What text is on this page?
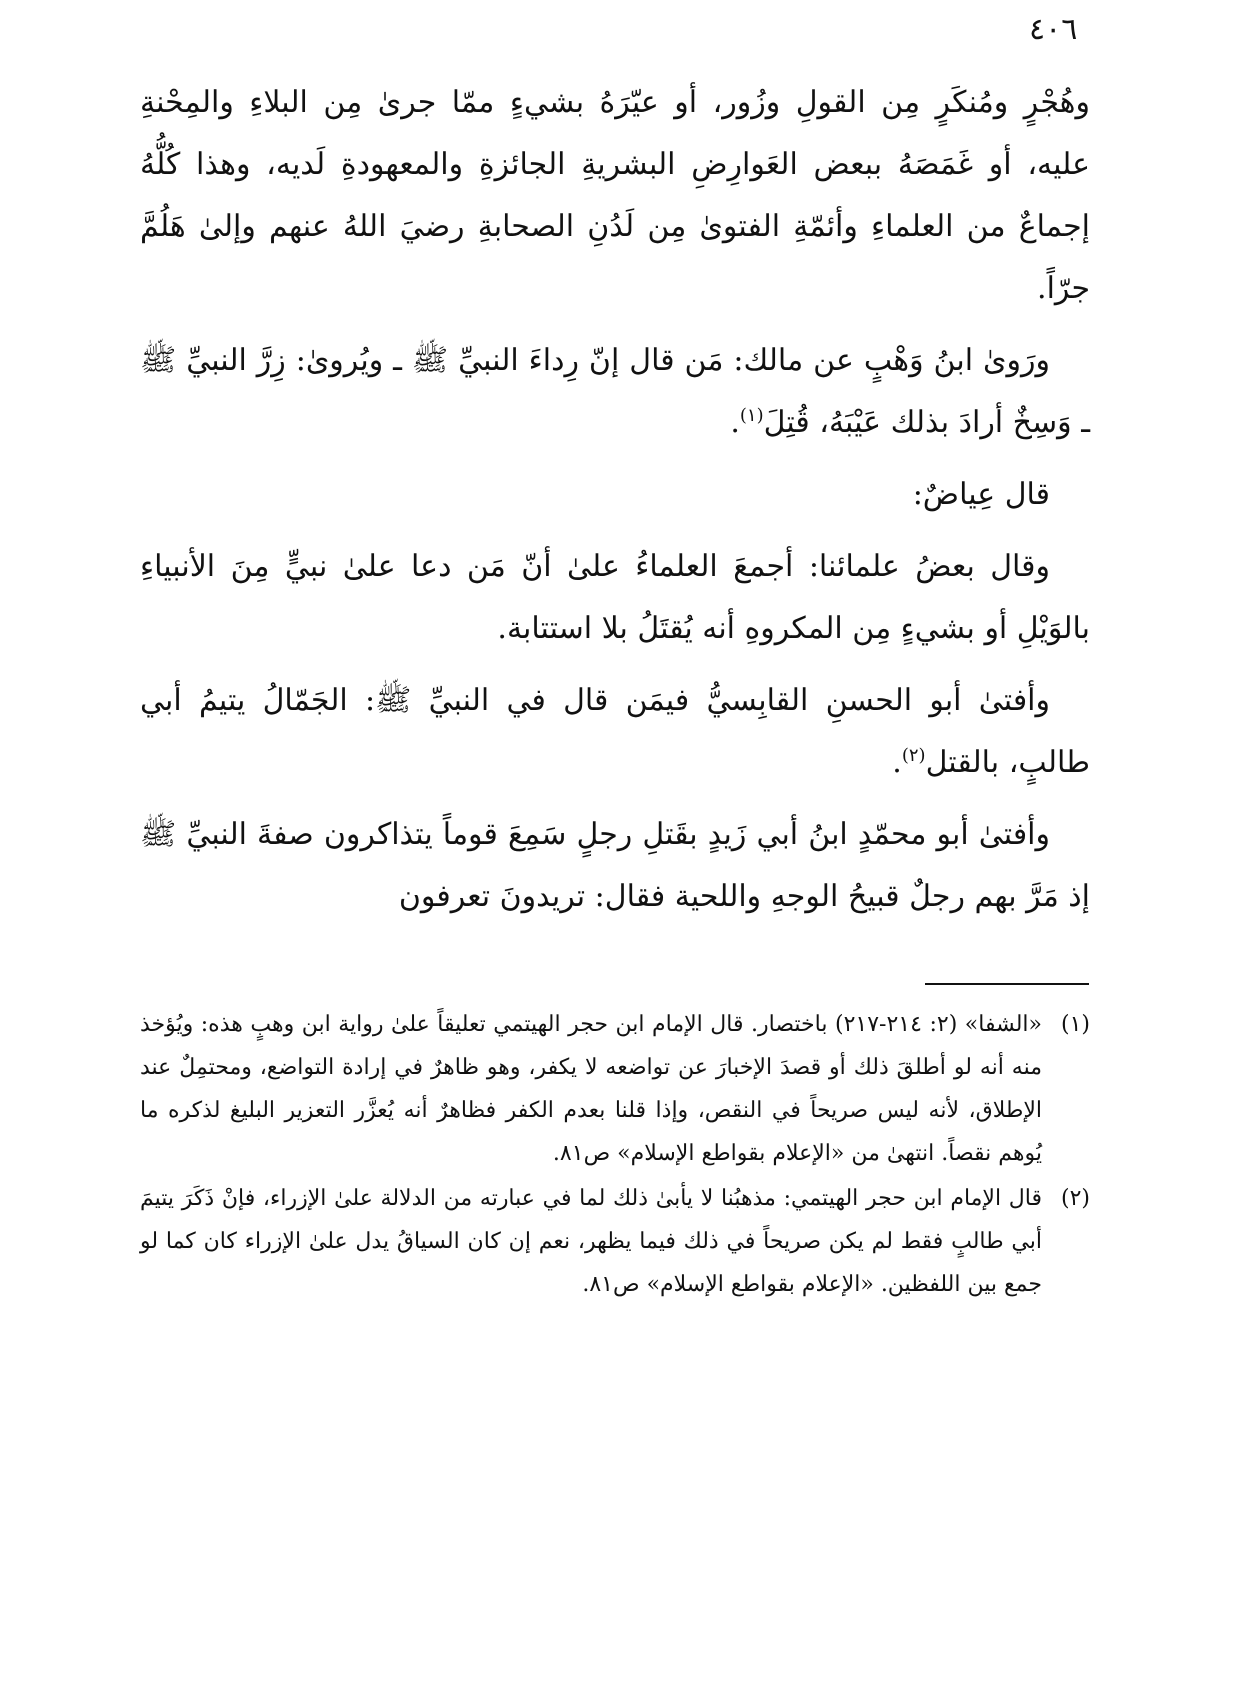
٤٠٦

وهُجْرٍ ومُنكَرٍ مِن القولِ وزُور، أو عيّرَهُ بشيءٍ ممّا جرىٰ مِن البلاءِ والمِحْنةِ عليه، أو غَمَصَهُ ببعض العَوارِضِ البشريةِ الجائزةِ والمعهودةِ لَديه، وهذا كُلُّهُ إجماعٌ من العلماءِ وأئمّةِ الفتوىٰ مِن لَدُنِ الصحابةِ رضيَ اللهُ عنهم وإلىٰ هَلُمَّ جرّاً.

ورَوىٰ ابنُ وَهْبٍ عن مالك: مَن قال إنّ رِداءَ النبيِّ ﷺ ـ ويُروىٰ: زِرَّ النبيِّ ﷺ ـ وَسِخٌ أرادَ بذلك عَيْبَهُ، قُتِلَ$^{(١)}$.

قال عِياضٌ:

وقال بعضُ علمائنا: أجمعَ العلماءُ علىٰ أنّ مَن دعا علىٰ نبيٍّ مِنَ الأنبياءِ بالوَيْلِ أو بشيءٍ مِن المكروهِ أنه يُقتَلُ بلا استتابة.

وأفتىٰ أبو الحسنِ القابِسيُّ فيمَن قال في النبيِّ ﷺ: الجَمّالُ يتيمُ أبي طالبٍ، بالقتل$^{(٢)}$.

وأفتىٰ أبو محمّدٍ ابنُ أبي زَيدٍ بقَتلِ رجلٍ سَمِعَ قوماً يتذاكرون صفةَ النبيِّ ﷺ إذ مَرَّ بهم رجلٌ قبيحُ الوجهِ واللحية فقال: تريدونَ تعرفون

(١)
«الشفا» (٢: ٢١٤-٢١٧) باختصار. قال الإمام ابن حجر الهيتمي تعليقاً علىٰ رواية ابن وهبٍ هذه: ويُؤخذ منه أنه لو أطلقَ ذلك أو قصدَ الإخبارَ عن تواضعه لا يكفر، وهو ظاهرٌ في إرادة التواضع، ومحتمِلٌ عند الإطلاق، لأنه ليس صريحاً في النقص، وإذا قلنا بعدم الكفر فظاهرٌ أنه يُعزَّر التعزير البليغ لذكره ما يُوهم نقصاً. انتهىٰ من «الإعلام بقواطع الإسلام» ص٨١.
(٢)
قال الإمام ابن حجر الهيتمي: مذهبُنا لا يأبىٰ ذلك لما في عبارته من الدلالة علىٰ الإزراء، فإنْ ذَكَرَ يتيمَ أبي طالبٍ فقط لم يكن صريحاً في ذلك فيما يظهر، نعم إن كان السياقُ يدل علىٰ الإزراء كان كما لو جمع بين اللفظين. «الإعلام بقواطع الإسلام» ص٨١.
